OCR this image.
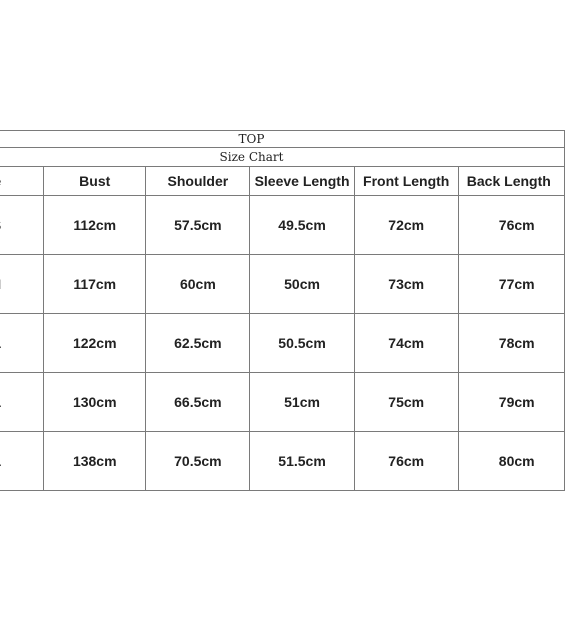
TOP					
Size Chart					
	Bust	Shoulder	Sleeve Length	Front Length	Back Length
	112cm	57.5cm	49.5cm	72cm	76cm
	117cm	60cm	50cm	73cm	77cm
	122cm	62.5cm	50.5cm	74cm	78cm
	130cm	66.5cm	51cm	75cm	79cm
	138cm	70.5cm	51.5cm	76cm	80cm
